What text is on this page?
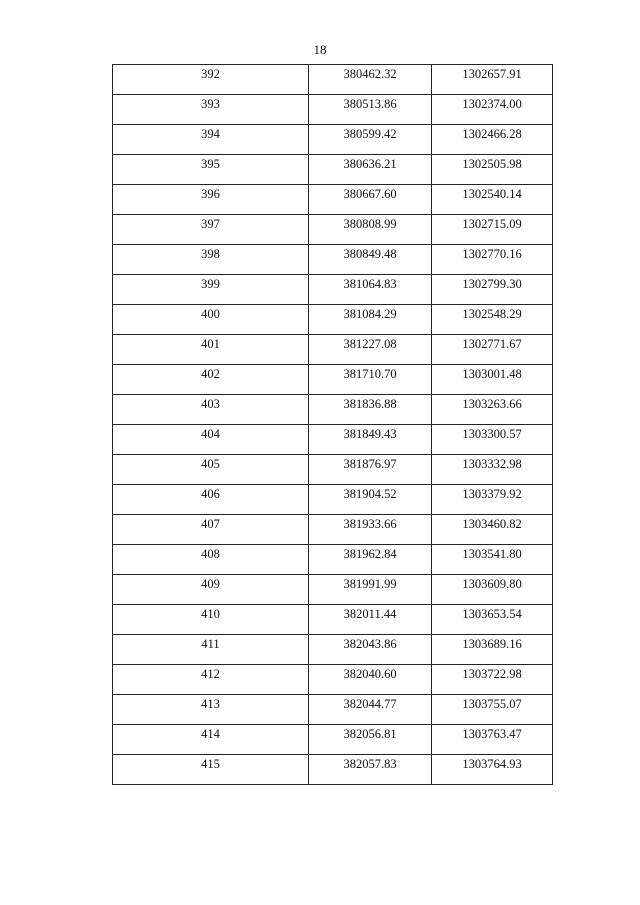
18
392	380462.32	1302657.91
393	380513.86	1302374.00
394	380599.42	1302466.28
395	380636.21	1302505.98
396	380667.60	1302540.14
397	380808.99	1302715.09
398	380849.48	1302770.16
399	381064.83	1302799.30
400	381084.29	1302548.29
401	381227.08	1302771.67
402	381710.70	1303001.48
403	381836.88	1303263.66
404	381849.43	1303300.57
405	381876.97	1303332.98
406	381904.52	1303379.92
407	381933.66	1303460.82
408	381962.84	1303541.80
409	381991.99	1303609.80
410	382011.44	1303653.54
411	382043.86	1303689.16
412	382040.60	1303722.98
413	382044.77	1303755.07
414	382056.81	1303763.47
415	382057.83	1303764.93
